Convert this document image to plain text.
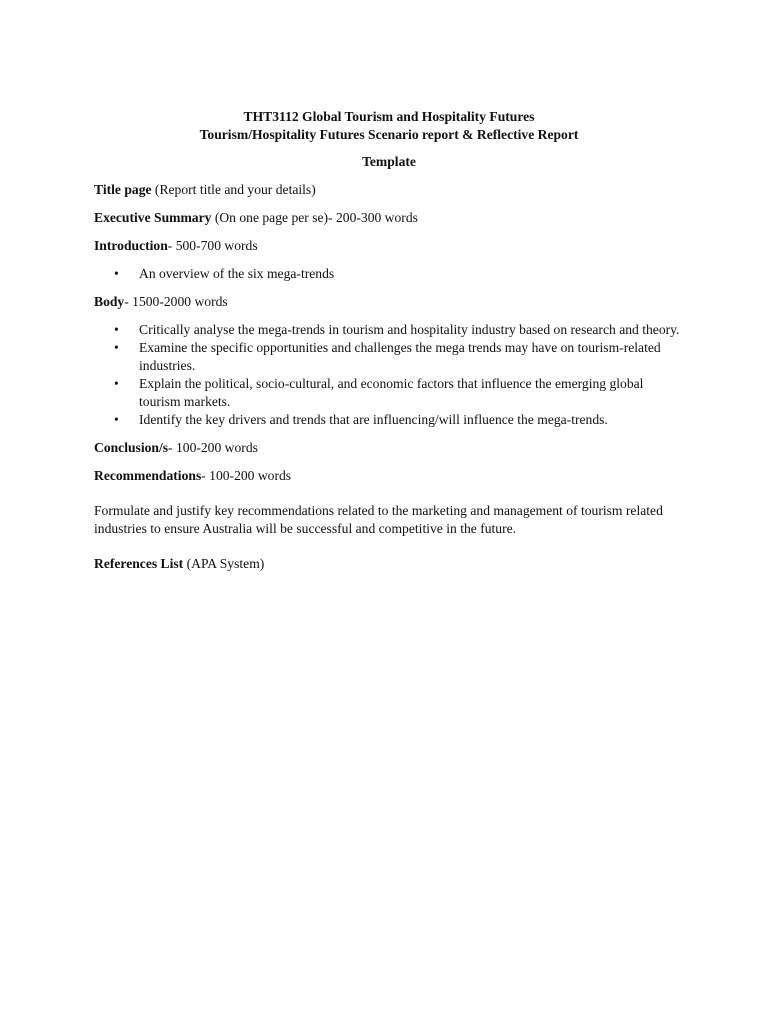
THT3112 Global Tourism and Hospitality Futures
Tourism/Hospitality Futures Scenario report & Reflective Report

Template

Title page (Report title and your details)

Executive Summary (On one page per se)- 200-300 words

Introduction- 500-700 words

• An overview of the six mega-trends

Body- 1500-2000 words

• Critically analyse the mega-trends in tourism and hospitality industry based on research and theory.
• Examine the specific opportunities and challenges the mega trends may have on tourism-related industries.
• Explain the political, socio-cultural, and economic factors that influence the emerging global tourism markets.
• Identify the key drivers and trends that are influencing/will influence the mega-trends.

Conclusion/s- 100-200 words

Recommendations- 100-200 words

Formulate and justify key recommendations related to the marketing and management of tourism related industries to ensure Australia will be successful and competitive in the future.

References List (APA System)
